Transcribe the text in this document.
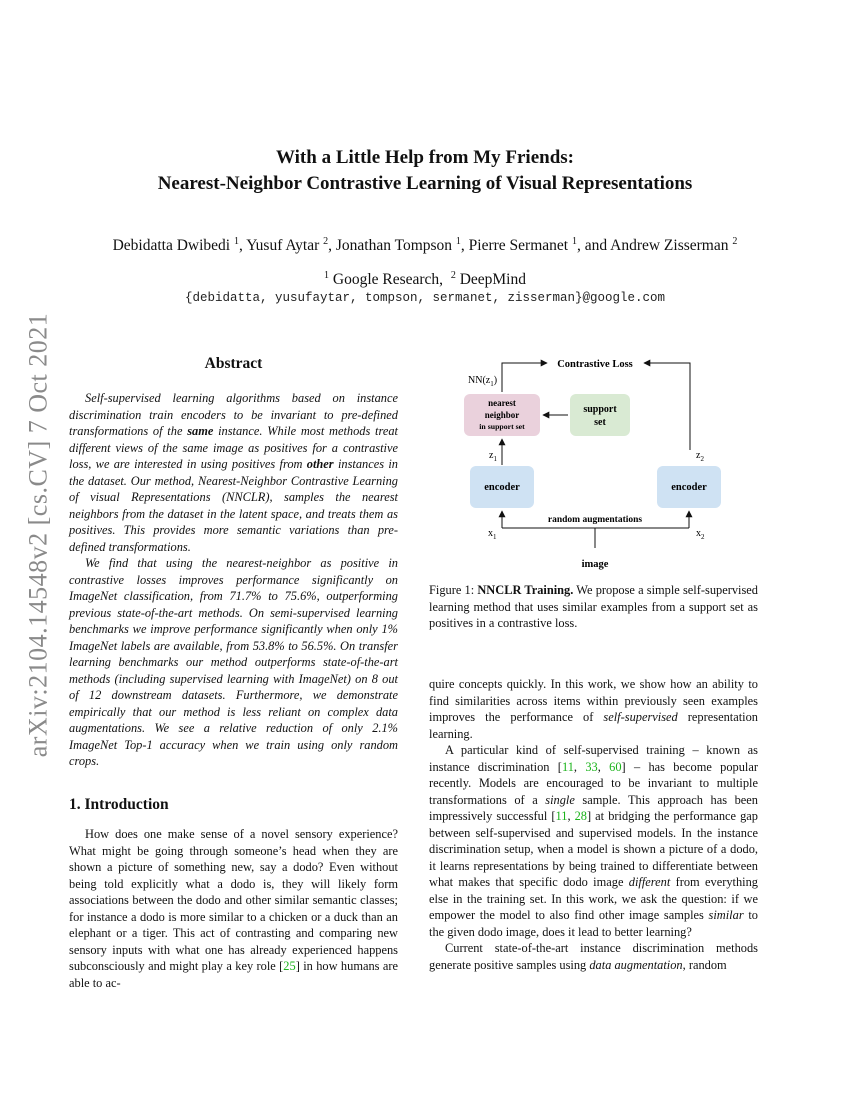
arXiv:2104.14548v2 [cs.CV] 7 Oct 2021
With a Little Help from My Friends:
Nearest-Neighbor Contrastive Learning of Visual Representations
Debidatta Dwibedi $^1$, Yusuf Aytar $^2$, Jonathan Tompson $^1$, Pierre Sermanet $^1$, and Andrew Zisserman $^2$
$^1$ Google Research, $^2$ DeepMind
{debidatta, yusufaytar, tompson, sermanet, zisserman}@google.com
Abstract

Self-supervised learning algorithms based on instance discrimination train encoders to be invariant to pre-defined transformations of the same instance. While most methods treat different views of the same image as positives for a contrastive loss, we are interested in using positives from other instances in the dataset. Our method, Nearest-Neighbor Contrastive Learning of visual Representations (NNCLR), samples the nearest neighbors from the dataset in the latent space, and treats them as positives. This provides more semantic variations than pre-defined transformations.

We find that using the nearest-neighbor as positive in contrastive losses improves performance significantly on ImageNet classification, from 71.7% to 75.6%, outperforming previous state-of-the-art methods. On semi-supervised learning benchmarks we improve performance significantly when only 1% ImageNet labels are available, from 53.8% to 56.5%. On transfer learning benchmarks our method outperforms state-of-the-art methods (including supervised learning with ImageNet) on 8 out of 12 downstream datasets. Furthermore, we demonstrate empirically that our method is less reliant on complex data augmentations. We see a relative reduction of only 2.1% ImageNet Top-1 accuracy when we train using only random crops.

1. Introduction

How does one make sense of a novel sensory experience? What might be going through someone’s head when they are shown a picture of something new, say a dodo? Even without being told explicitly what a dodo is, they will likely form associations between the dodo and other similar semantic classes; for instance a dodo is more similar to a chicken or a duck than an elephant or a tiger. This act of contrasting and comparing new sensory inputs with what one has already experienced happens subconsciously and might play a key role [25] in how humans are able to ac-

Contrastive Loss
$NN(z_1)$
nearest
neighbor
in support set
support
set
$z_1$	$z_2$
encoder	encoder
random augmentations
$x_1$	$x_2$
image
Figure 1: NNCLR Training. We propose a simple self-supervised learning method that uses similar examples from a support set as positives in a contrastive loss.

quire concepts quickly. In this work, we show how an ability to find similarities across items within previously seen examples improves the performance of self-supervised representation learning.

A particular kind of self-supervised training – known as instance discrimination [11, 33, 60] – has become popular recently. Models are encouraged to be invariant to multiple transformations of a single sample. This approach has been impressively successful [11, 28] at bridging the performance gap between self-supervised and supervised models. In the instance discrimination setup, when a model is shown a picture of a dodo, it learns representations by being trained to differentiate between what makes that specific dodo image different from everything else in the training set. In this work, we ask the question: if we empower the model to also find other image samples similar to the given dodo image, does it lead to better learning?

Current state-of-the-art instance discrimination methods generate positive samples using data augmentation, random
